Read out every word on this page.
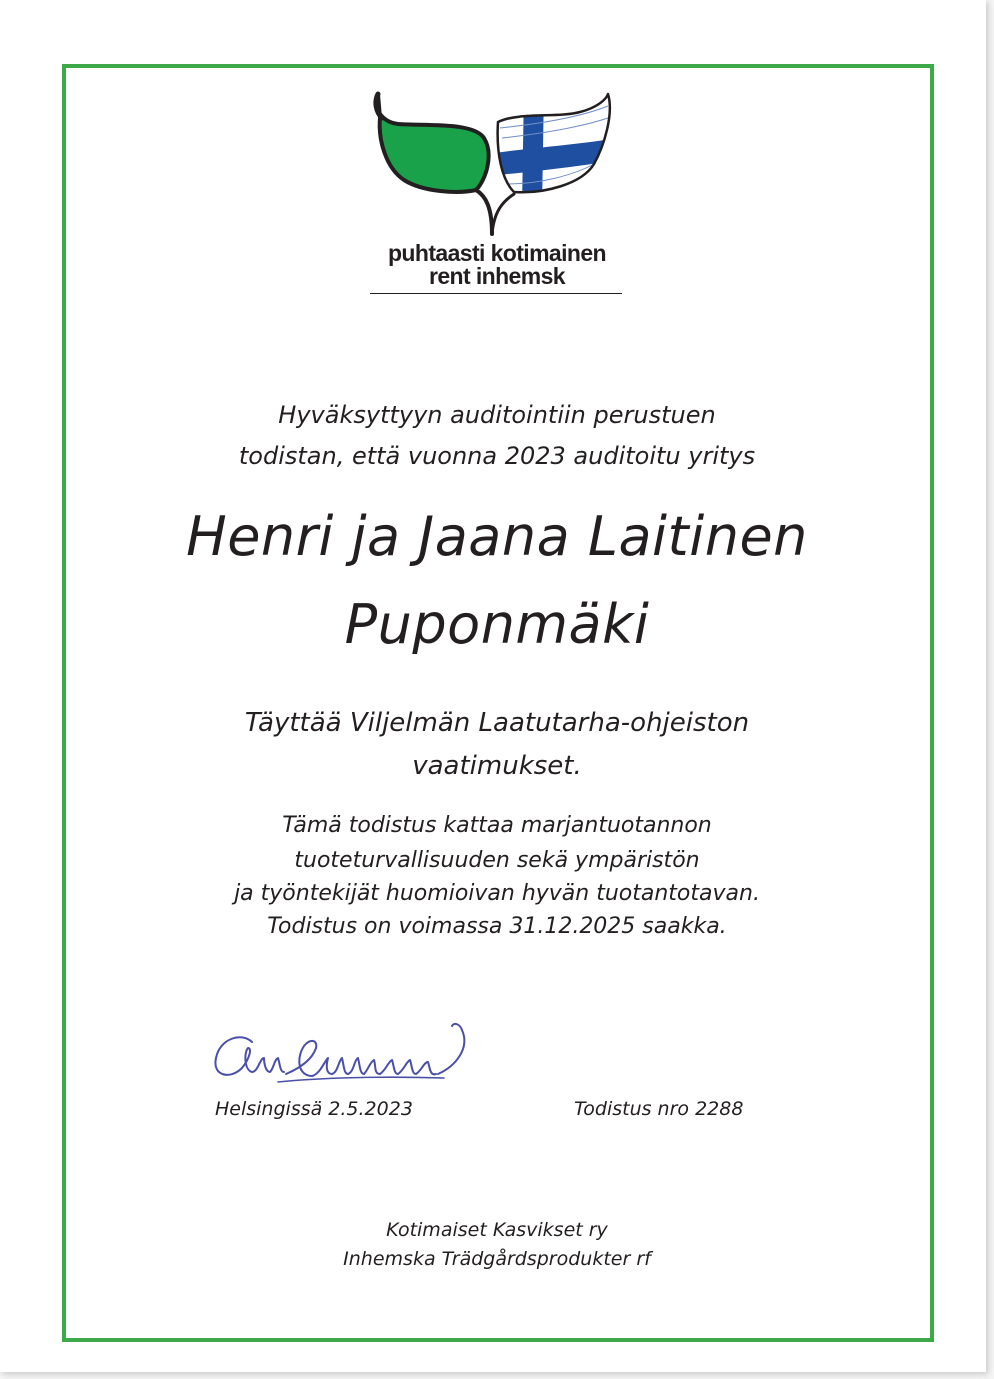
puhtaasti kotimainen
rent inhemsk
Hyväksyttyyn auditointiin perustuen
todistan, että vuonna 2023 auditoitu yritys
Henri ja Jaana Laitinen
Puponmäki
Täyttää Viljelmän Laatutarha-ohjeiston
vaatimukset.
Tämä todistus kattaa marjantuotannon
tuoteturvallisuuden sekä ympäristön
ja työntekijät huomioivan hyvän tuotantotavan.
Todistus on voimassa 31.12.2025 saakka.
Helsingissä 2.5.2023	Todistus nro 2288
Kotimaiset Kasvikset ry
Inhemska Trädgårdsprodukter rf
